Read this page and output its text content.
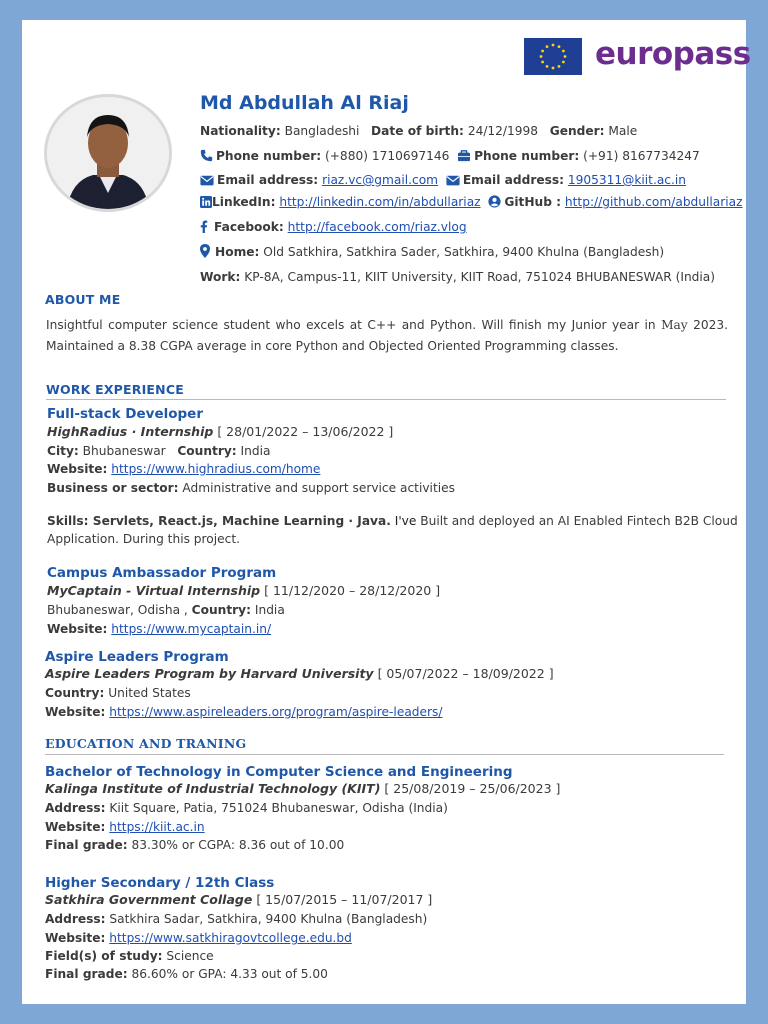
europass
Md Abdullah Al Riaj
Nationality: Bangladeshi Date of birth: 24/12/1998 Gender: Male
Phone number: (+880) 1710697146 Phone number: (+91) 8167734247
Email address: riaz.vc@gmail.com Email address: 1905311@kiit.ac.in
LinkedIn: http://linkedin.com/in/abdullariaz GitHub : http://github.com/abdullariaz
Facebook: http://facebook.com/riaz.vlog
Home: Old Satkhira, Satkhira Sader, Satkhira, 9400 Khulna (Bangladesh)
Work: KP-8A, Campus-11, KIIT University, KIIT Road, 751024 BHUBANESWAR (India)
ABOUT ME
Insightful computer science student who excels at C++ and Python. Will finish my Junior year in May 2023. Maintained a 8.38 CGPA average in core Python and Objected Oriented Programming classes.
WORK EXPERIENCE
Full-stack Developer
HighRadius · Internship [ 28/01/2022 – 13/06/2022 ]
City: Bhubaneswar Country: India
Website: https://www.highradius.com/home
Business or sector: Administrative and support service activities
Skills: Servlets, React.js, Machine Learning · Java. I've Built and deployed an AI Enabled Fintech B2B Cloud
Application. During this project.
Campus Ambassador Program
MyCaptain - Virtual Internship [ 11/12/2020 – 28/12/2020 ]
Bhubaneswar, Odisha , Country: India
Website: https://www.mycaptain.in/
Aspire Leaders Program
Aspire Leaders Program by Harvard University [ 05/07/2022 – 18/09/2022 ]
Country: United States
Website: https://www.aspireleaders.org/program/aspire-leaders/
EDUCATION AND TRANING
Bachelor of Technology in Computer Science and Engineering
Kalinga Institute of Industrial Technology (KIIT) [ 25/08/2019 – 25/06/2023 ]
Address: Kiit Square, Patia, 751024 Bhubaneswar, Odisha (India)
Website: https://kiit.ac.in
Final grade: 83.30% or CGPA: 8.36 out of 10.00
Higher Secondary / 12th Class
Satkhira Government Collage [ 15/07/2015 – 11/07/2017 ]
Address: Satkhira Sadar, Satkhira, 9400 Khulna (Bangladesh)
Website: https://www.satkhiragovtcollege.edu.bd
Field(s) of study: Science
Final grade: 86.60% or GPA: 4.33 out of 5.00
